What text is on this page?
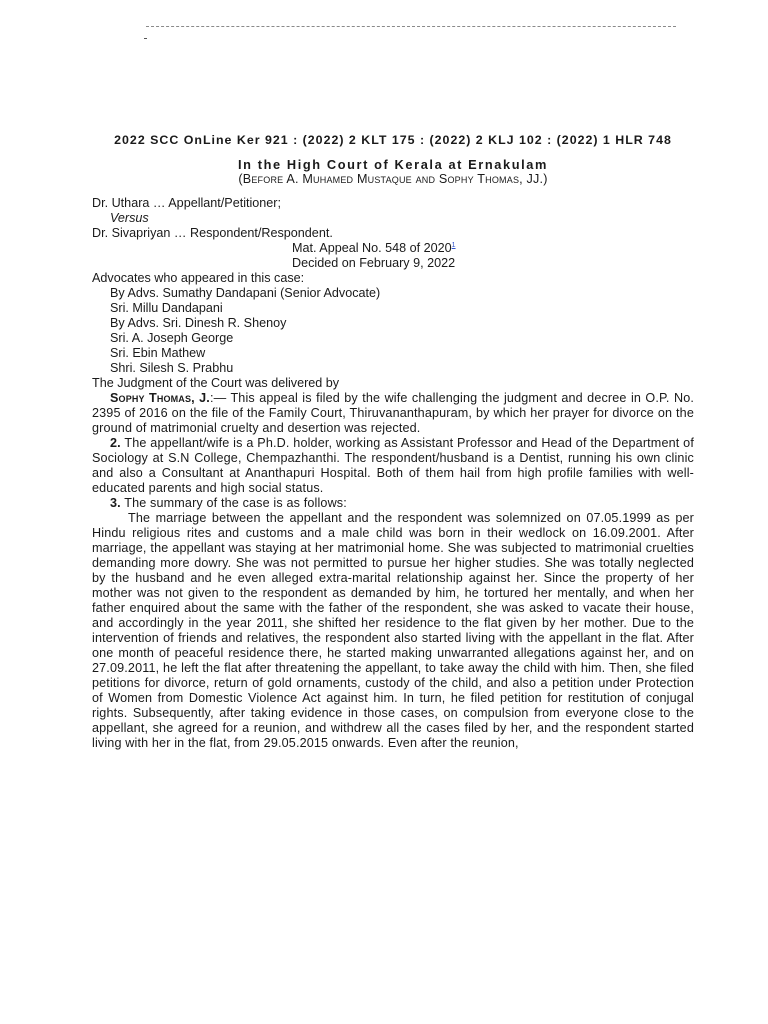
2022 SCC OnLine Ker 921 : (2022) 2 KLT 175 : (2022) 2 KLJ 102 : (2022) 1 HLR 748

In the High Court of Kerala at Ernakulam

(Before A. Muhamed Mustaque and Sophy Thomas, JJ.)

Dr. Uthara … Appellant/Petitioner;

Versus

Dr. Sivapriyan … Respondent/Respondent.

Mat. Appeal No. 548 of 2020$^1$

Decided on February 9, 2022

Advocates who appeared in this case:

By Advs. Sumathy Dandapani (Senior Advocate)

Sri. Millu Dandapani

By Advs. Sri. Dinesh R. Shenoy

Sri. A. Joseph George

Sri. Ebin Mathew

Shri. Silesh S. Prabhu

The Judgment of the Court was delivered by

Sophy Thomas, J.:— This appeal is filed by the wife challenging the judgment and decree in O.P. No. 2395 of 2016 on the file of the Family Court, Thiruvananthapuram, by which her prayer for divorce on the ground of matrimonial cruelty and desertion was rejected.

2. The appellant/wife is a Ph.D. holder, working as Assistant Professor and Head of the Department of Sociology at S.N College, Chempazhanthi. The respondent/husband is a Dentist, running his own clinic and also a Consultant at Ananthapuri Hospital. Both of them hail from high profile families with well-educated parents and high social status.

3. The summary of the case is as follows:

The marriage between the appellant and the respondent was solemnized on 07.05.1999 as per Hindu religious rites and customs and a male child was born in their wedlock on 16.09.2001. After marriage, the appellant was staying at her matrimonial home. She was subjected to matrimonial cruelties demanding more dowry. She was not permitted to pursue her higher studies. She was totally neglected by the husband and he even alleged extra-marital relationship against her. Since the property of her mother was not given to the respondent as demanded by him, he tortured her mentally, and when her father enquired about the same with the father of the respondent, she was asked to vacate their house, and accordingly in the year 2011, she shifted her residence to the flat given by her mother. Due to the intervention of friends and relatives, the respondent also started living with the appellant in the flat. After one month of peaceful residence there, he started making unwarranted allegations against her, and on 27.09.2011, he left the flat after threatening the appellant, to take away the child with him. Then, she filed petitions for divorce, return of gold ornaments, custody of the child, and also a petition under Protection of Women from Domestic Violence Act against him. In turn, he filed petition for restitution of conjugal rights. Subsequently, after taking evidence in those cases, on compulsion from everyone close to the appellant, she agreed for a reunion, and withdrew all the cases filed by her, and the respondent started living with her in the flat, from 29.05.2015 onwards. Even after the reunion,
